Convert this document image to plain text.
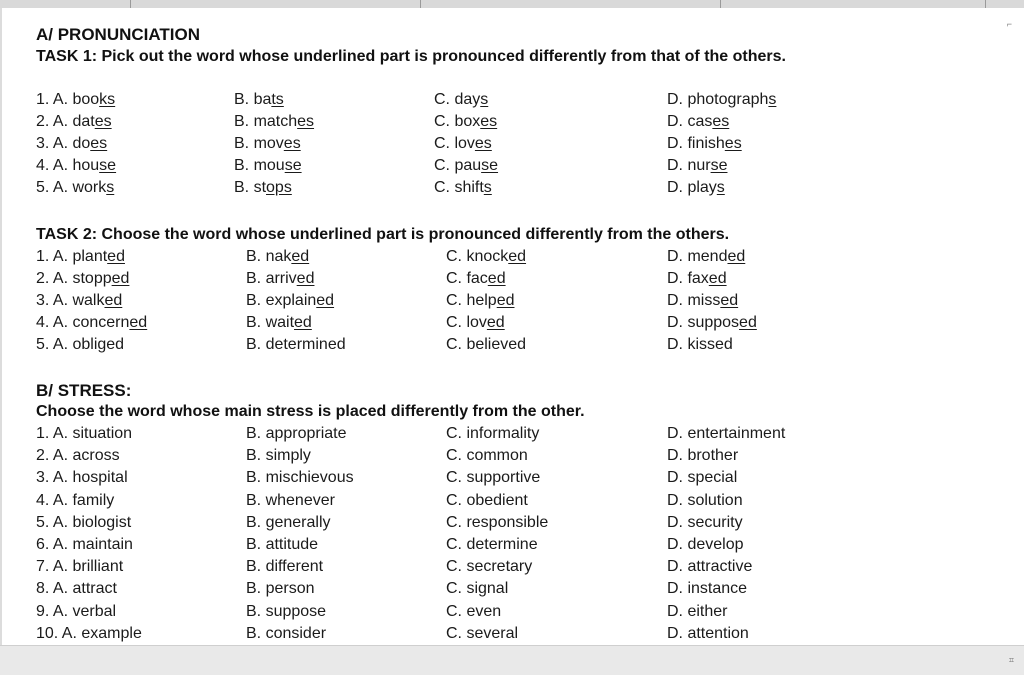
⌐
A/ PRONUNCIATION
TASK 1: Pick out the word whose underlined part is pronounced differently from that of the others.
1. A. books	B. bats	C. days	D. photographs
2. A. dates	B. matches	C. boxes	D. cases
3. A. does	B. moves	C. loves	D. finishes
4. A. house	B. mouse	C. pause	D. nurse
5. A. works	B. stops	C. shifts	D. plays
TASK 2: Choose the word whose underlined part is pronounced differently from the others.
1. A. planted	B. naked	C. knocked	D. mended
2. A. stopped	B. arrived	C. faced	D. faxed
3. A. walked	B. explained	C. helped	D. missed
4. A. concerned	B. waited	C. loved	D. supposed
5. A. obliged	B. determined	C. believed	D. kissed
B/ STRESS:
Choose the word whose main stress is placed differently from the other.
1. A. situation	B. appropriate	C. informality	D. entertainment
2. A. across	B. simply	C. common	D. brother
3. A. hospital	B. mischievous	C. supportive	D. special
4. A. family	B. whenever	C. obedient	D. solution
5. A. biologist	B. generally	C. responsible	D. security
6. A. maintain	B. attitude	C. determine	D. develop
7. A. brilliant	B. different	C. secretary	D. attractive
8. A. attract	B. person	C. signal	D. instance
9. A. verbal	B. suppose	C. even	D. either
10. A. example	B. consider	C. several	D. attention
⌗
